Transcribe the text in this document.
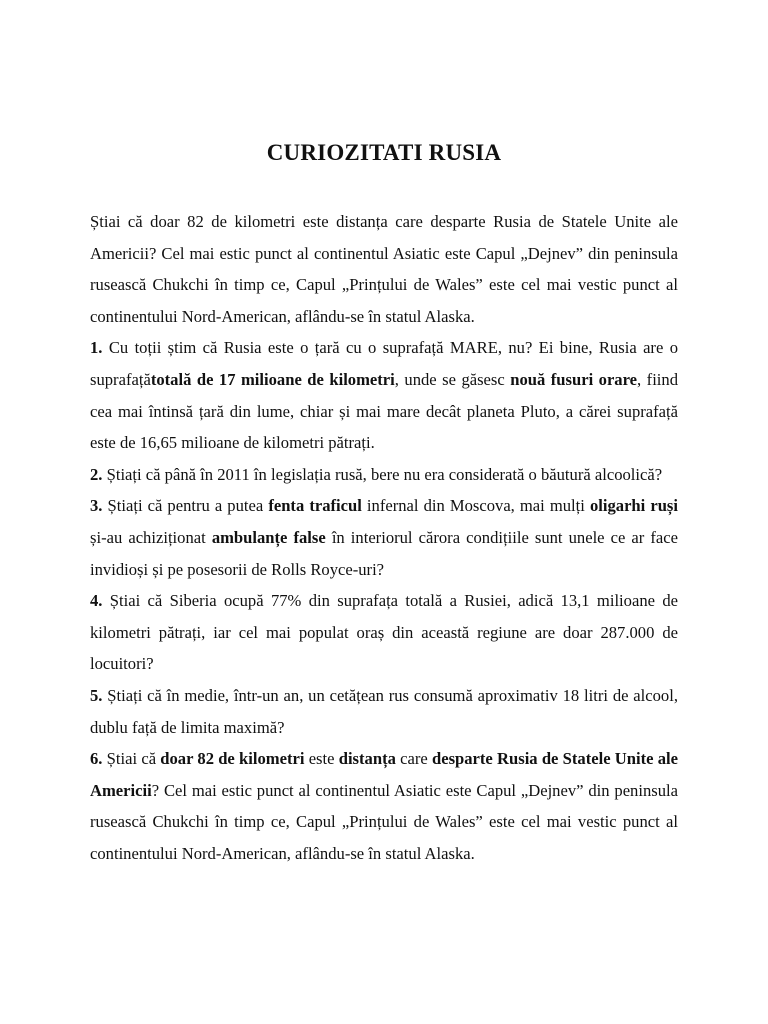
CURIOZITATI RUSIA

Știai că doar 82 de kilometri este distanța care desparte Rusia de Statele Unite ale Americii? Cel mai estic punct al continentul Asiatic este Capul „Dejnev” din peninsula rusească Chukchi în timp ce, Capul „Prințului de Wales” este cel mai vestic punct al continentului Nord-American, aflându-se în statul Alaska.

1. Cu toții știm că Rusia este o țară cu o suprafață MARE, nu? Ei bine, Rusia are o suprafațătotală de 17 milioane de kilometri, unde se găsesc nouă fusuri orare, fiind cea mai întinsă țară din lume, chiar și mai mare decât planeta Pluto, a cărei suprafață este de 16,65 milioane de kilometri pătrați.

2. Știați că până în 2011 în legislația rusă, bere nu era considerată o băutură alcoolică?

3. Știați că pentru a putea fenta traficul infernal din Moscova, mai mulți oligarhi ruși și-au achiziționat ambulanțe false în interiorul cărora condițiile sunt unele ce ar face invidioși și pe posesorii de Rolls Royce-uri?

4. Știai că Siberia ocupă 77% din suprafața totală a Rusiei, adică 13,1 milioane de kilometri pătrați, iar cel mai populat oraș din această regiune are doar 287.000 de locuitori?

5. Știați că în medie, într-un an, un cetățean rus consumă aproximativ 18 litri de alcool, dublu față de limita maximă?

6. Știai că doar 82 de kilometri este distanța care desparte Rusia de Statele Unite ale Americii? Cel mai estic punct al continentul Asiatic este Capul „Dejnev” din peninsula rusească Chukchi în timp ce, Capul „Prințului de Wales” este cel mai vestic punct al continentului Nord-American, aflându-se în statul Alaska.
